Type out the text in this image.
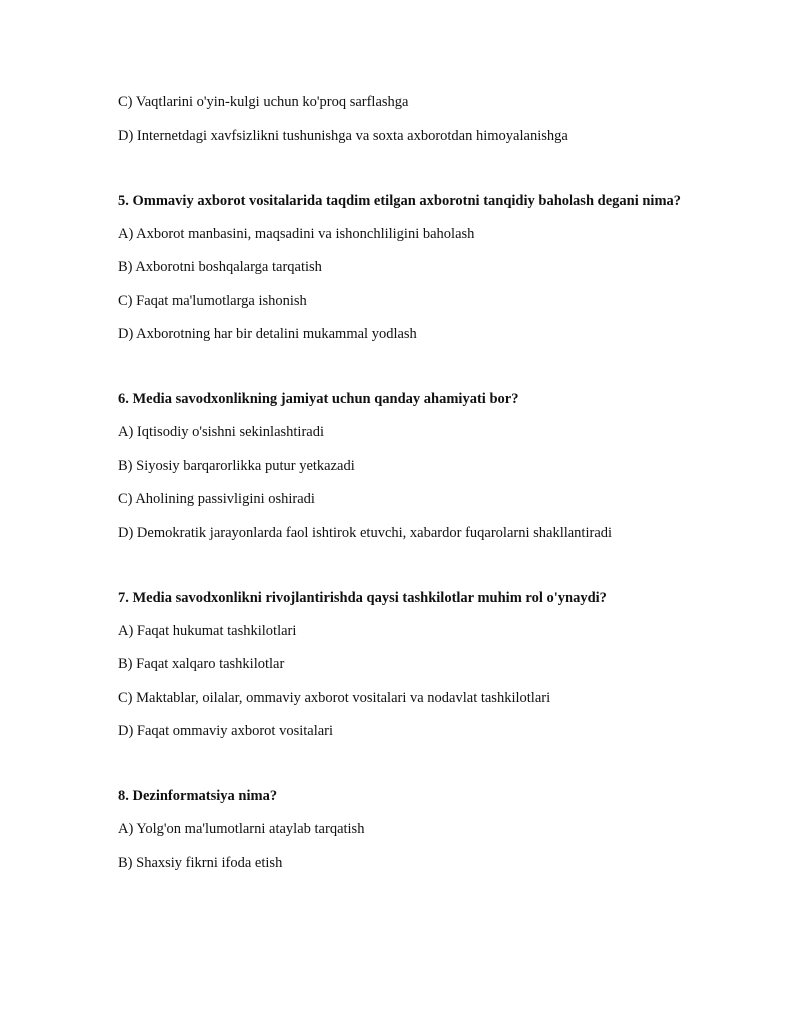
C) Vaqtlarini o'yin-kulgi uchun ko'proq sarflashga

D) Internetdagi xavfsizlikni tushunishga va soxta axborotdan himoyalanishga

5. Ommaviy axborot vositalarida taqdim etilgan axborotni tanqidiy baholash degani nima?

A) Axborot manbasini, maqsadini va ishonchliligini baholash

B) Axborotni boshqalarga tarqatish

C) Faqat ma'lumotlarga ishonish

D) Axborotning har bir detalini mukammal yodlash

6. Media savodxonlikning jamiyat uchun qanday ahamiyati bor?

A) Iqtisodiy o'sishni sekinlashtiradi

B) Siyosiy barqarorlikka putur yetkazadi

C) Aholining passivligini oshiradi

D) Demokratik jarayonlarda faol ishtirok etuvchi, xabardor fuqarolarni shakllantiradi

7. Media savodxonlikni rivojlantirishda qaysi tashkilotlar muhim rol o'ynaydi?

A) Faqat hukumat tashkilotlari

B) Faqat xalqaro tashkilotlar

C) Maktablar, oilalar, ommaviy axborot vositalari va nodavlat tashkilotlari

D) Faqat ommaviy axborot vositalari

8. Dezinformatsiya nima?

A) Yolg'on ma'lumotlarni ataylab tarqatish

B) Shaxsiy fikrni ifoda etish
